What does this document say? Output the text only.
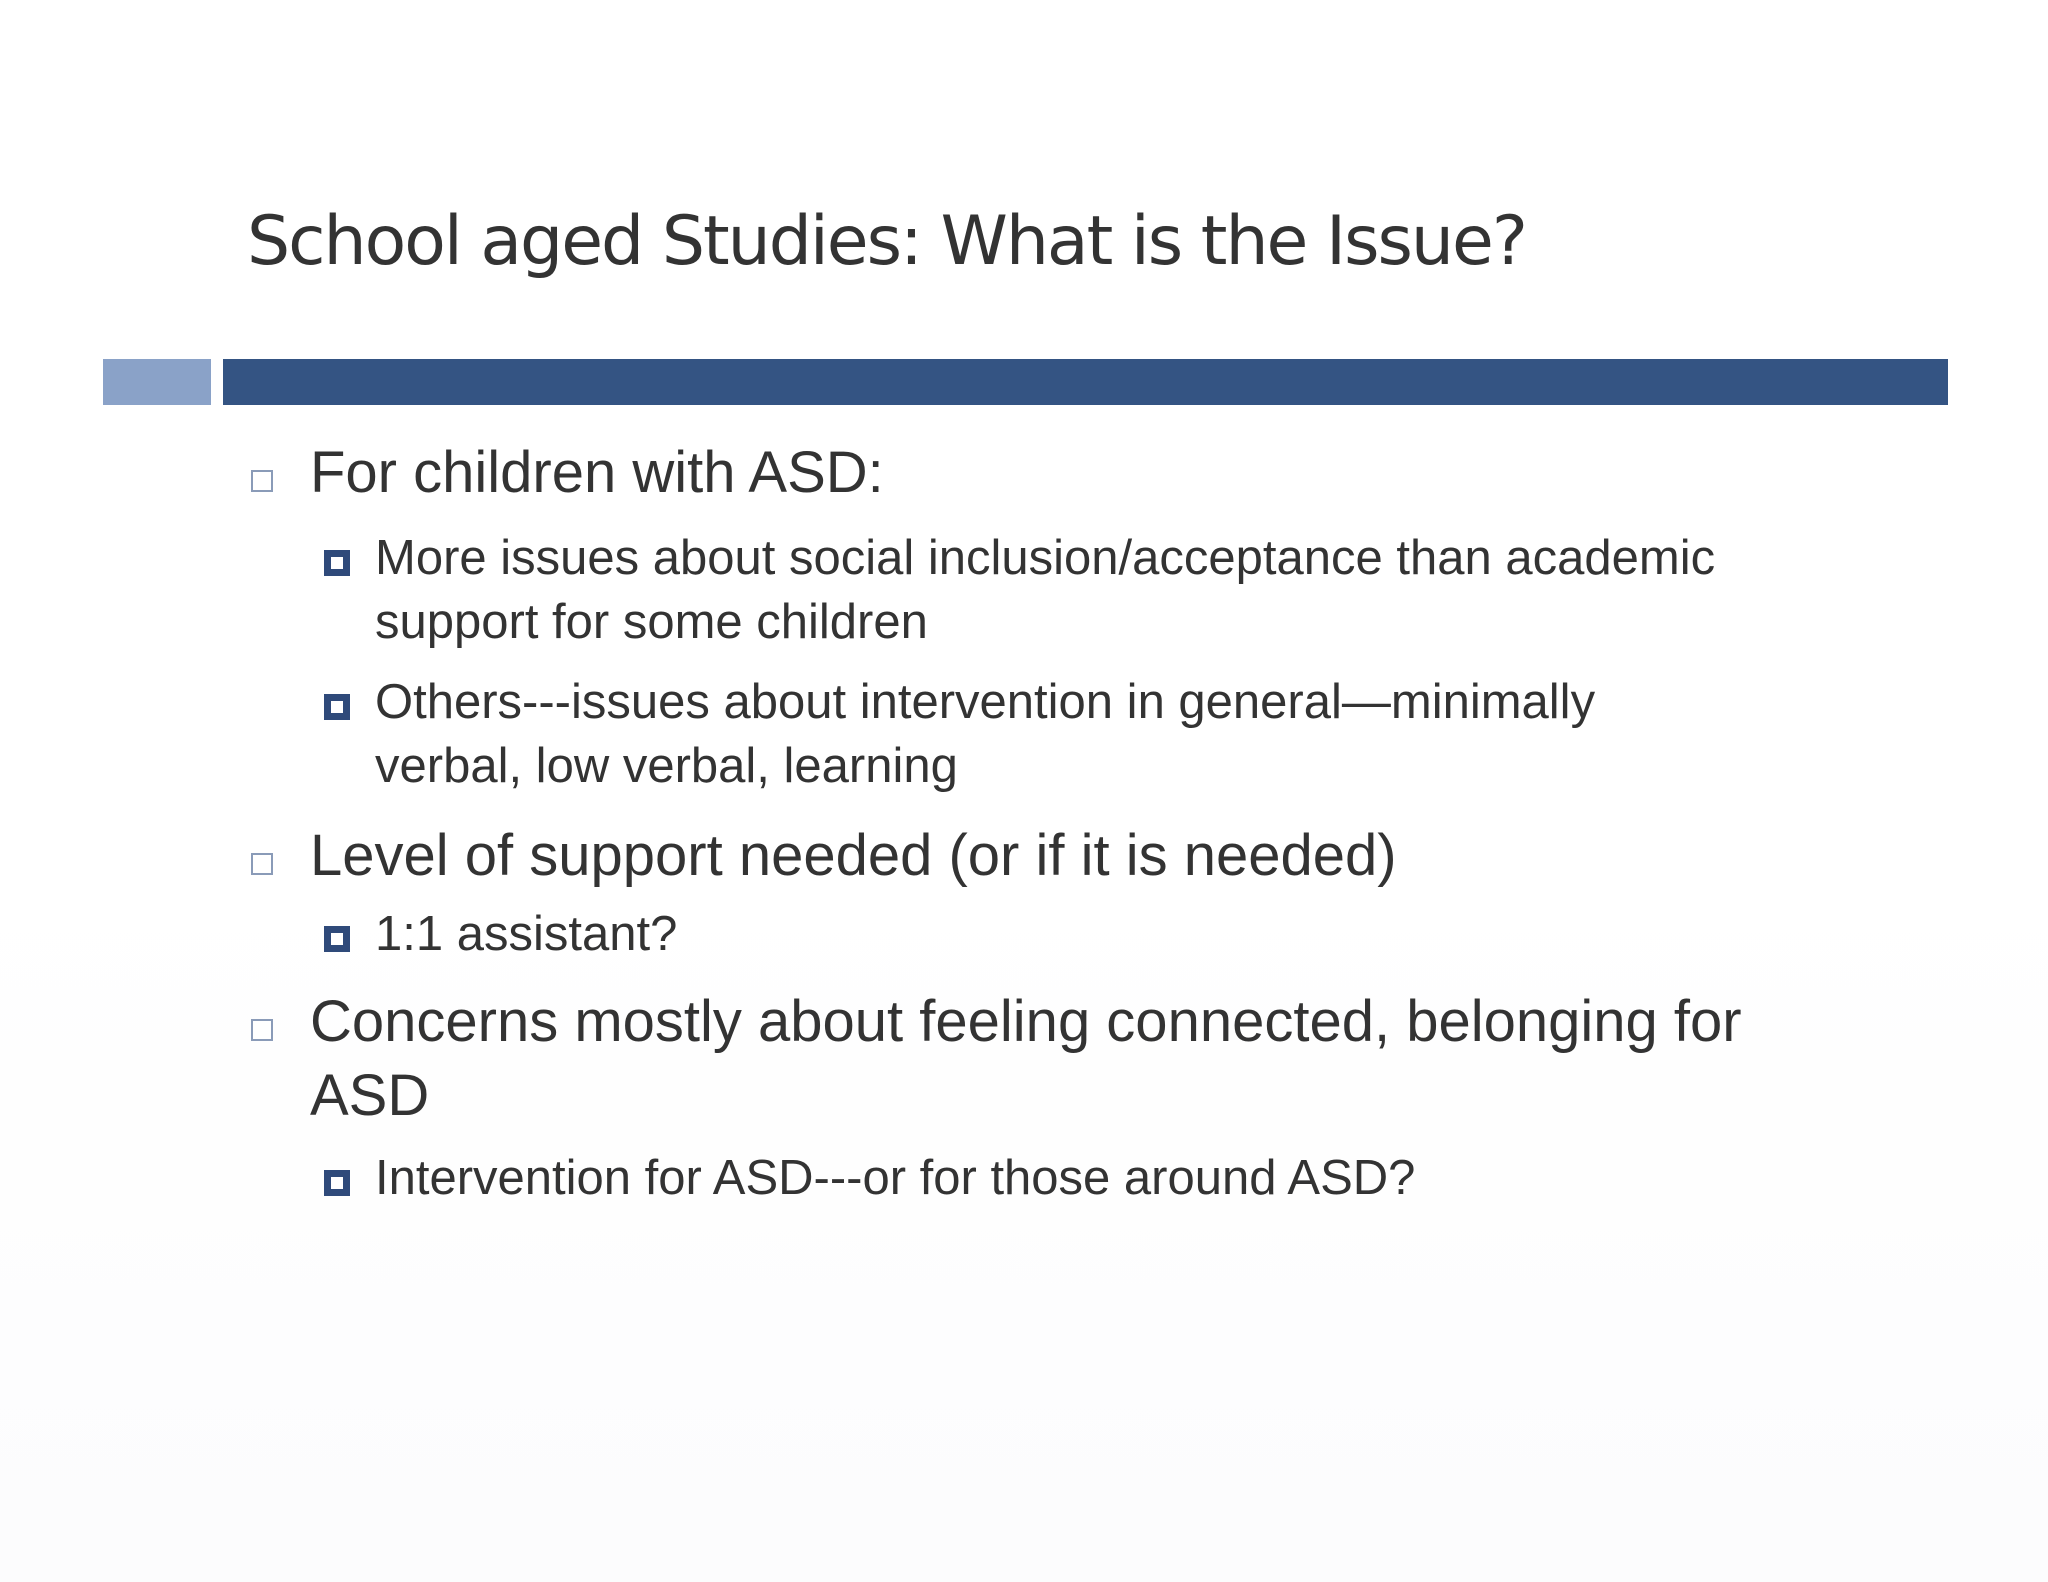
School aged Studies: What is the Issue?
For children with ASD:
More issues about social inclusion/acceptance than academic
support for some children
Others---issues about intervention in general—minimally
verbal, low verbal, learning
Level of support needed (or if it is needed)
1:1 assistant?
Concerns mostly about feeling connected, belonging for
ASD
Intervention for ASD---or for those around ASD?
